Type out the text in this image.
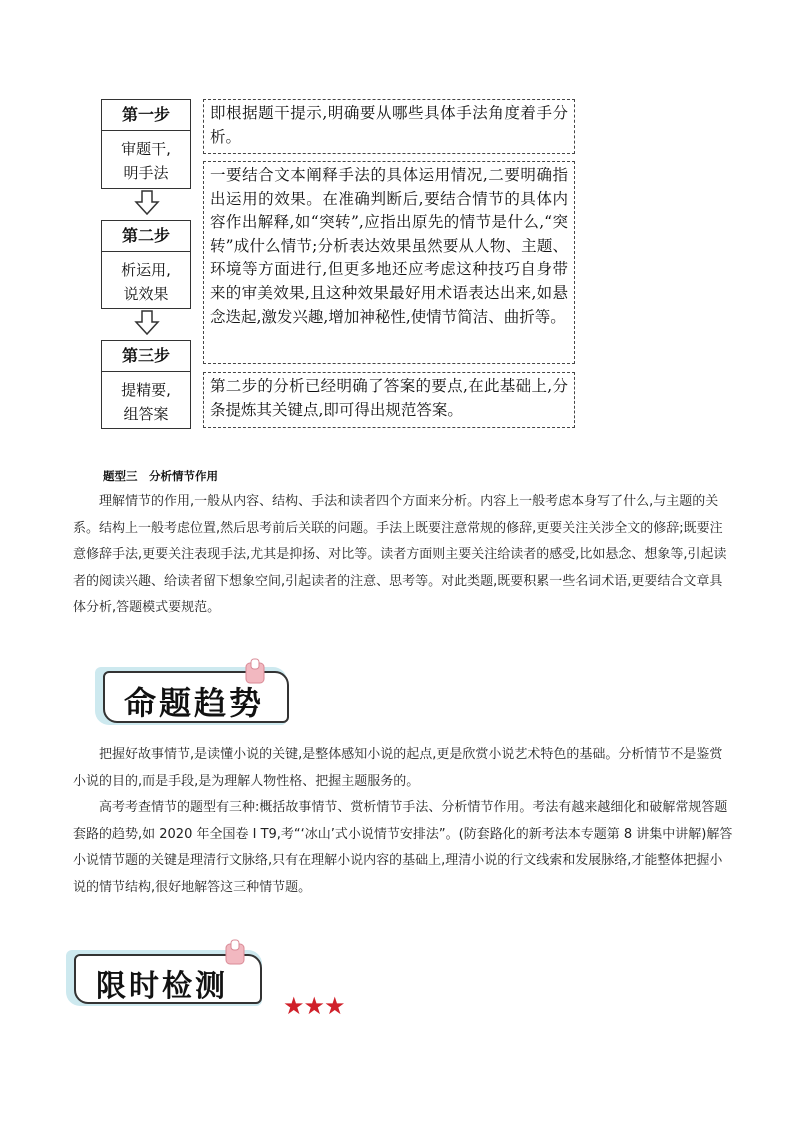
第一步
审题干,
明手法
第二步
析运用,
说效果
第三步
提精要,
组答案
即根据题干提示,明确要从哪些具体手法角度着手分析。
一要结合文本阐释手法的具体运用情况,二要明确指出运用的效果。在准确判断后,要结合情节的具体内容作出解释,如“突转”,应指出原先的情节是什么,“突转”成什么情节;分析表达效果虽然要从人物、主题、环境等方面进行,但更多地还应考虑这种技巧自身带来的审美效果,且这种效果最好用术语表达出来,如悬念迭起,激发兴趣,增加神秘性,使情节简洁、曲折等。
第二步的分析已经明确了答案的要点,在此基础上,分条提炼其关键点,即可得出规范答案。
题型三　分析情节作用

理解情节的作用,一般从内容、结构、手法和读者四个方面来分析。内容上一般考虑本身写了什么,与主题的关系。结构上一般考虑位置,然后思考前后关联的问题。手法上既要注意常规的修辞,更要关注关涉全文的修辞;既要注意修辞手法,更要关注表现手法,尤其是抑扬、对比等。读者方面则主要关注给读者的感受,比如悬念、想象等,引起读者的阅读兴趣、给读者留下想象空间,引起读者的注意、思考等。对此类题,既要积累一些名词术语,更要结合文章具体分析,答题模式要规范。

命题趋势

把握好故事情节,是读懂小说的关键,是整体感知小说的起点,更是欣赏小说艺术特色的基础。分析情节不是鉴赏小说的目的,而是手段,是为理解人物性格、把握主题服务的。

高考考查情节的题型有三种:概括故事情节、赏析情节手法、分析情节作用。考法有越来越细化和破解常规答题套路的趋势,如 2020 年全国卷 I T9,考“‘冰山’式小说情节安排法”。(防套路化的新考法本专题第 8 讲集中讲解)解答小说情节题的关键是理清行文脉络,只有在理解小说内容的基础上,理清小说的行文线索和发展脉络,才能整体把握小说的情节结构,很好地解答这三种情节题。

限时检测
★★★
